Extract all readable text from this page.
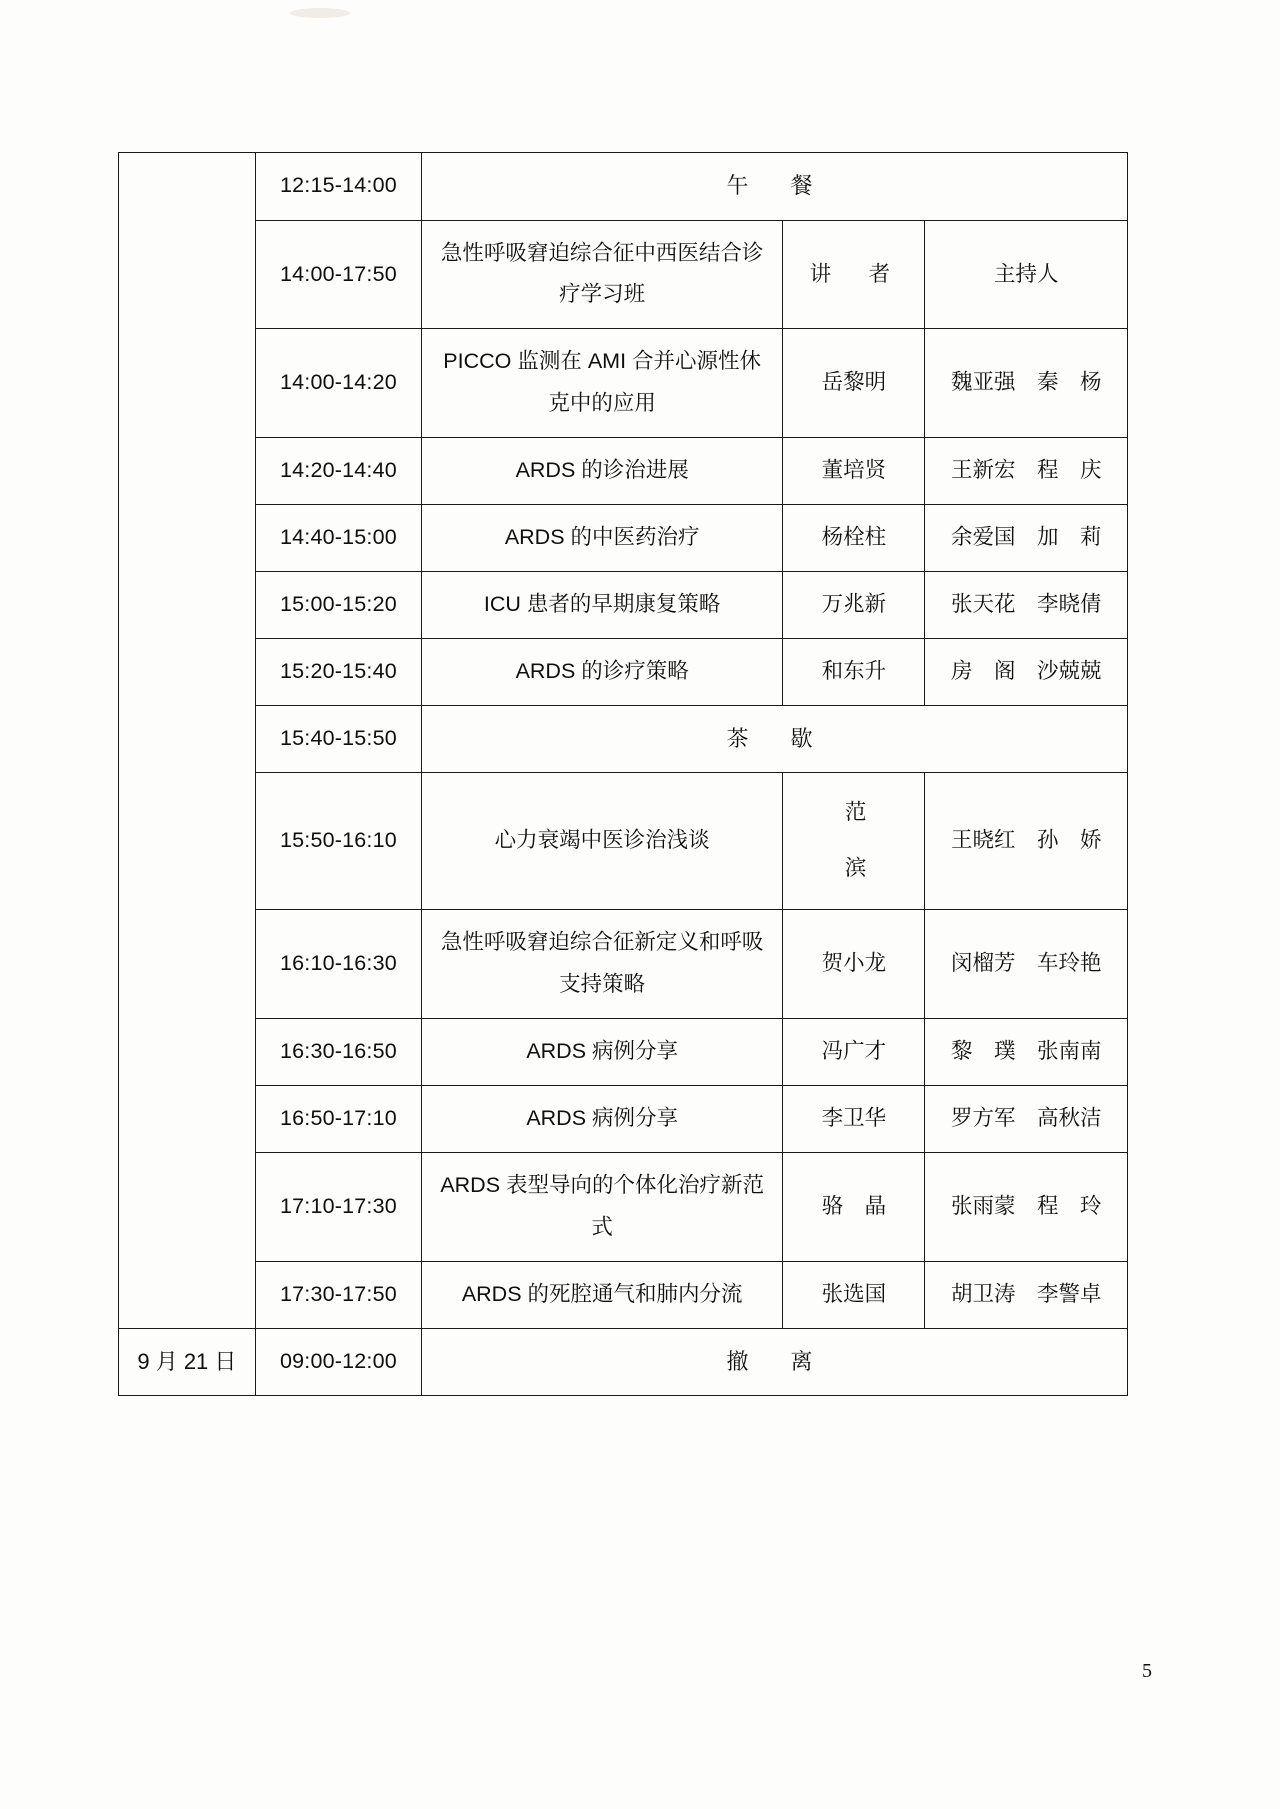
	12:15-14:00	午　餐		

	14:00-17:50	急性呼吸窘迫综合征中西医结合诊疗学习班	讲　者	主持人

	14:00-14:20	PICCO 监测在 AMI 合并心源性休克中的应用	岳黎明	魏亚强　秦　杨

	14:20-14:40	ARDS 的诊治进展	董培贤	王新宏　程　庆

	14:40-15:00	ARDS 的中医药治疗	杨栓柱	余爱国　加　莉

	15:00-15:20	ICU 患者的早期康复策略	万兆新	张天花　李晓倩

	15:20-15:40	ARDS 的诊疗策略	和东升	房　阁　沙兢兢

	15:40-15:50	茶　歇		

	15:50-16:10	心力衰竭中医诊治浅谈	范滨	王晓红　孙　娇

	16:10-16:30	急性呼吸窘迫综合征新定义和呼吸支持策略	贺小龙	闵榴芳　车玲艳

	16:30-16:50	ARDS 病例分享	冯广才	黎　璞　张南南

	16:50-17:10	ARDS 病例分享	李卫华	罗方军　高秋洁

	17:10-17:30	ARDS 表型导向的个体化治疗新范式	骆　晶	张雨蒙　程　玲

	17:30-17:50	ARDS 的死腔通气和肺内分流	张选国	胡卫涛　李警卓

9 月 21 日	09:00-12:00	撤　离		
5
